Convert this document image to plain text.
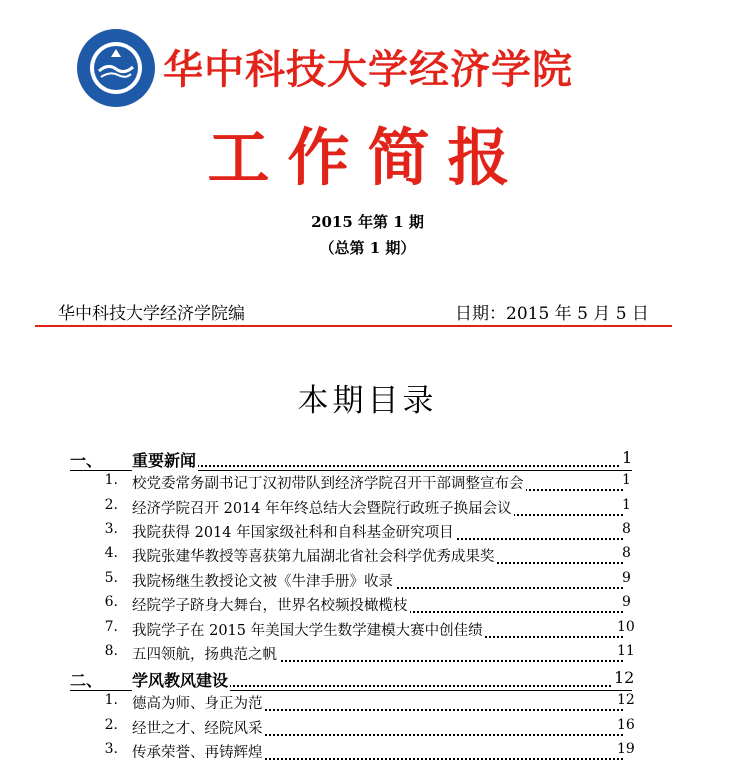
华中科技大学经济学院
工作简报
2015 年第 1 期
（总第 1 期）
华中科技大学经济学院编	日期：2015 年 5 月 5 日
本期目录
一、	重要新闻	1
1. 校党委常务副书记丁汉初带队到经济学院召开干部调整宣布会	1
2. 经济学院召开 2014 年年终总结大会暨院行政班子换届会议	1
3. 我院获得 2014 年国家级社科和自科基金研究项目	8
4. 我院张建华教授等喜获第九届湖北省社会科学优秀成果奖	8
5. 我院杨继生教授论文被《牛津手册》收录	9
6. 经院学子跻身大舞台，世界名校频投橄榄枝	9
7. 我院学子在 2015 年美国大学生数学建模大赛中创佳绩	10
8. 五四领航，扬典范之帆	11
二、	学风教风建设	12
1. 德高为师、身正为范	12
2. 经世之才、经院风采	16
3. 传承荣誉、再铸辉煌	19
